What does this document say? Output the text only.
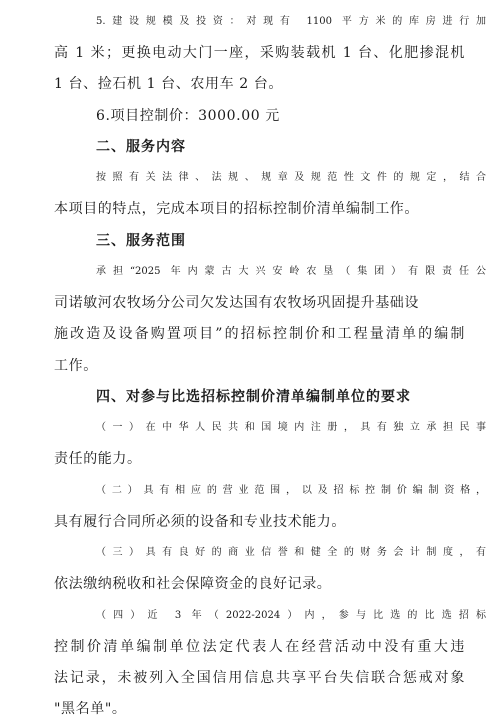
5.建设规模及投资：对现有 1100 平方米的库房进行加
高 1 米；更换电动大门一座，采购装载机 1 台、化肥掺混机
1 台、捡石机 1 台、农用车 2 台。
6.项目控制价：3000.00 元
二、服务内容
按照有关法律、法规、规章及规范性文件的规定，结合
本项目的特点，完成本项目的招标控制价清单编制工作。
三、服务范围
承担“2025 年内蒙古大兴安岭农垦（集团）有限责任公
司诺敏河农牧场分公司欠发达国有农牧场巩固提升基础设
施改造及设备购置项目”的招标控制价和工程量清单的编制
工作。
四、对参与比选招标控制价清单编制单位的要求
（一）在中华人民共和国境内注册，具有独立承担民事
责任的能力。
（二）具有相应的营业范围，以及招标控制价编制资格，
具有履行合同所必须的设备和专业技术能力。
（三）具有良好的商业信誉和健全的财务会计制度，有
依法缴纳税收和社会保障资金的良好记录。
（四）近 3 年（2022-2024）内，参与比选的比选招标
控制价清单编制单位法定代表人在经营活动中没有重大违
法记录，未被列入全国信用信息共享平台失信联合惩戒对象
"黑名单"。
